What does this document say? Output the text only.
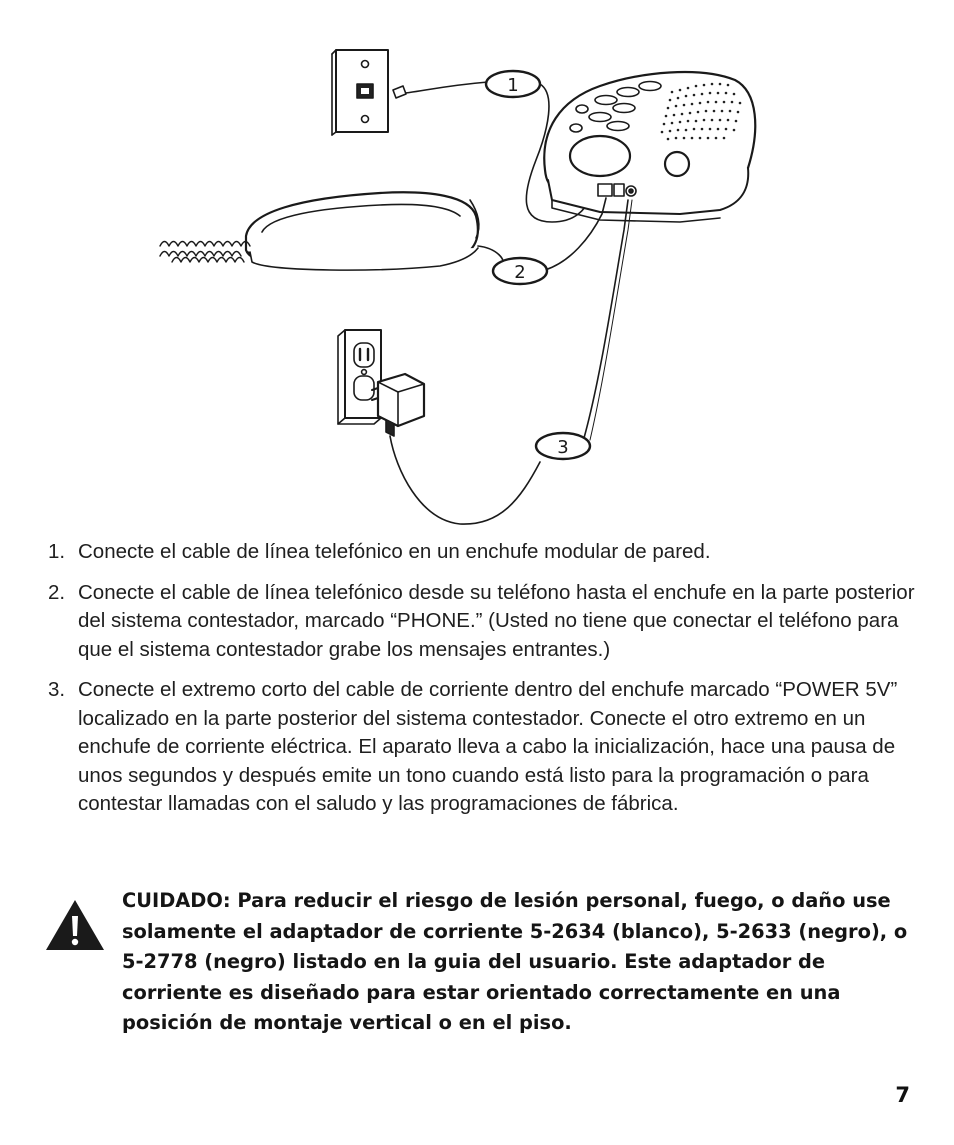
1
2
3
1. Conecte el cable de línea telefónico en un enchufe modular de pared.
2. Conecte el cable de línea telefónico desde su teléfono hasta el enchufe en la parte posterior del sistema contestador, marcado “PHONE.” (Usted no tiene que conectar el teléfono para que el sistema contestador grabe los mensajes entrantes.)
3. Conecte el extremo corto del cable de corriente dentro del enchufe marcado “POWER 5V” localizado en la parte posterior del sistema contestador. Conecte el otro extremo en un enchufe de corriente eléctrica. El aparato lleva a cabo la inicialización, hace una pausa de unos segundos y después emite un tono cuando está listo para la programación o para contestar llamadas con el saludo y las programaciones de fábrica.

CUIDADO: Para reducir el riesgo de lesión personal, fuego, o daño use solamente el adaptador de corriente 5-2634 (blanco), 5-2633 (negro), o 5-2778 (negro) listado en la guia del usuario. Este adaptador de corriente es diseñado para estar orientado correctamente en una posición de montaje vertical o en el piso.

7
